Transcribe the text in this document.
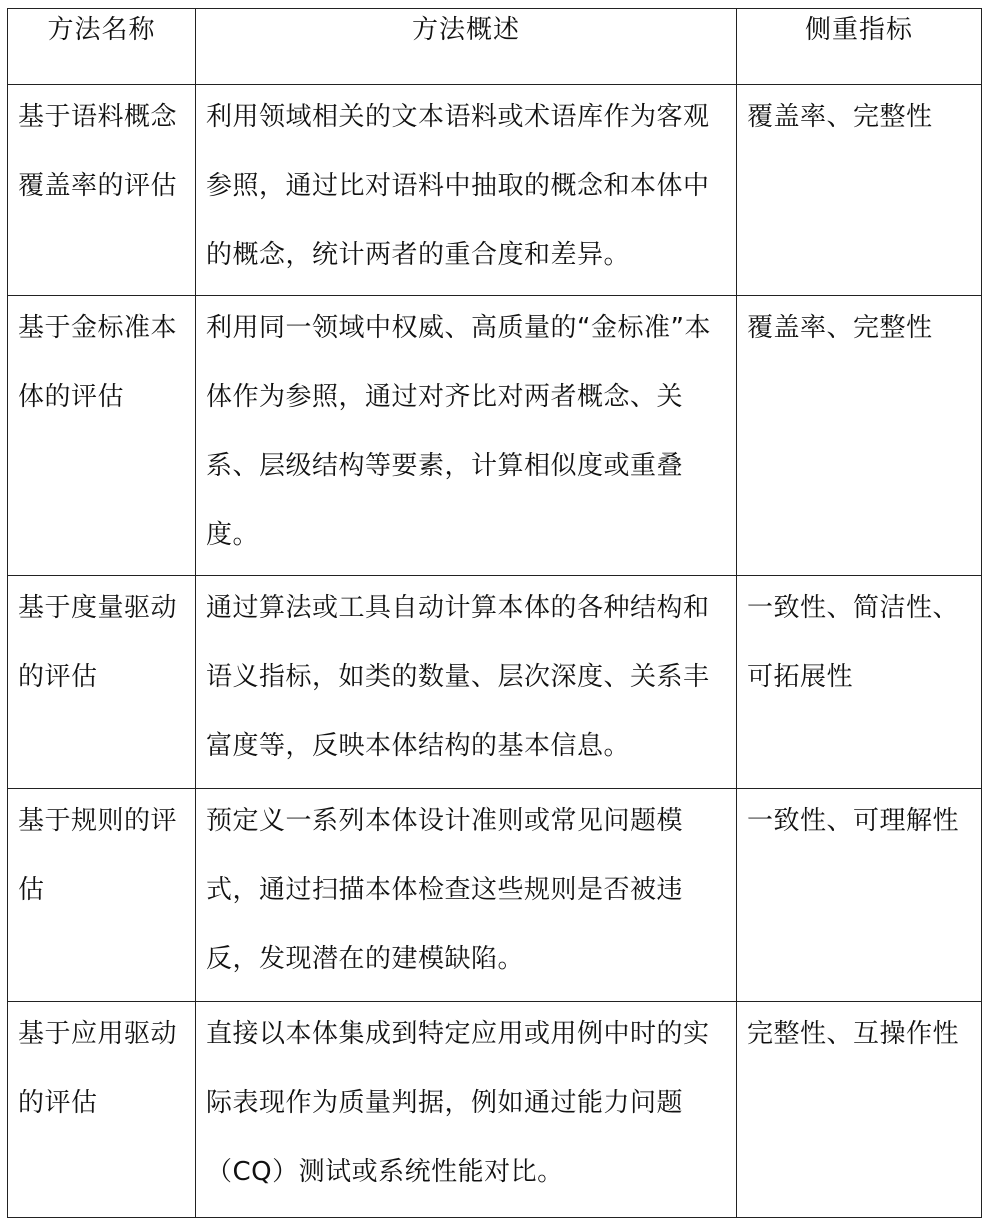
方法名称	方法概述	侧重指标

基于语料概念覆盖率的评估	利用领域相关的文本语料或术语库作为客观参照，通过比对语料中抽取的概念和本体中的概念，统计两者的重合度和差异。	覆盖率、完整性

基于金标准本体的评估	利用同一领域中权威、高质量的“金标准”本体作为参照，通过对齐比对两者概念、关系、层级结构等要素，计算相似度或重叠度。	覆盖率、完整性

基于度量驱动的评估	通过算法或工具自动计算本体的各种结构和语义指标，如类的数量、层次深度、关系丰富度等，反映本体结构的基本信息。	一致性、简洁性、可拓展性

基于规则的评估	预定义一系列本体设计准则或常见问题模式，通过扫描本体检查这些规则是否被违反，发现潜在的建模缺陷。	一致性、可理解性

基于应用驱动的评估	直接以本体集成到特定应用或用例中时的实际表现作为质量判据，例如通过能力问题（CQ）测试或系统性能对比。	完整性、互操作性
